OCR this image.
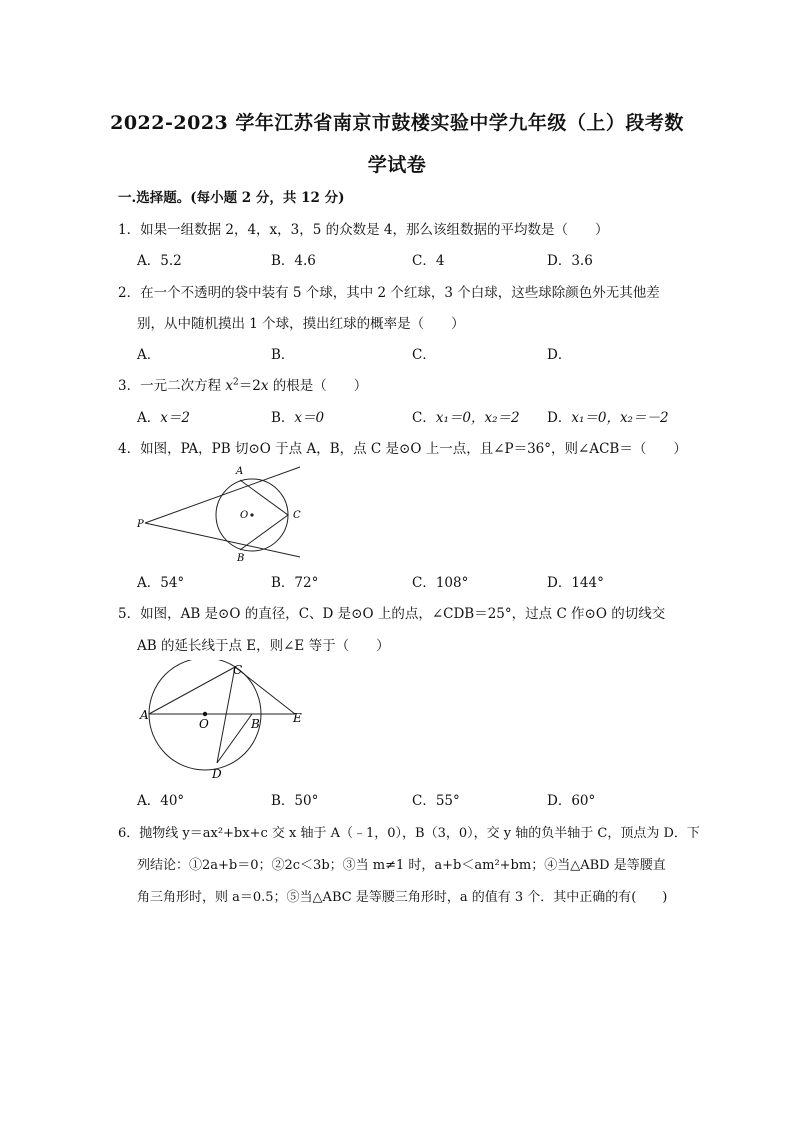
2022-2023 学年江苏省南京市鼓楼实验中学九年级（上）段考数
学试卷
一.选择题。(每小题 2 分，共 12 分)
1．如果一组数据 2，4，x，3，5 的众数是 4，那么该组数据的平均数是（　　）
A．5.2	B．4.6	C．4	D．3.6
2．在一个不透明的袋中装有 5 个球，其中 2 个红球，3 个白球，这些球除颜色外无其他差
别，从中随机摸出 1 个球，摸出红球的概率是（　　）
A．	B．	C．	D．
3．一元二次方程 $x^2=2x$ 的根是（　　）
A．x＝2	B．x＝0	C．x₁＝0，x₂＝2 D．x₁＝0，x₂＝－2
4．如图，PA，PB 切⊙O 于点 A，B，点 C 是⊙O 上一点，且∠P＝36°，则∠ACB＝（　　）
A
B
C
O
P
A．54°	B．72°	C．108°	D．144°
5．如图，AB 是⊙O 的直径，C、D 是⊙O 上的点，∠CDB＝25°，过点 C 作⊙O 的切线交
AB 的延长线于点 E，则∠E 等于（　　）
A
O	B
C
D
E
A．40°	B．50°	C．55°	D．60°
6．抛物线 y＝ax²+bx+c 交 x 轴于 A（﹣1，0），B（3，0），交 y 轴的负半轴于 C，顶点为 D．下
列结论：①2a+b＝0；②2c＜3b；③当 m≠1 时，a+b＜am²+bm；④当△ABD 是等腰直
角三角形时，则 a＝0.5；⑤当△ABC 是等腰三角形时，a 的值有 3 个．其中正确的有(　　)
